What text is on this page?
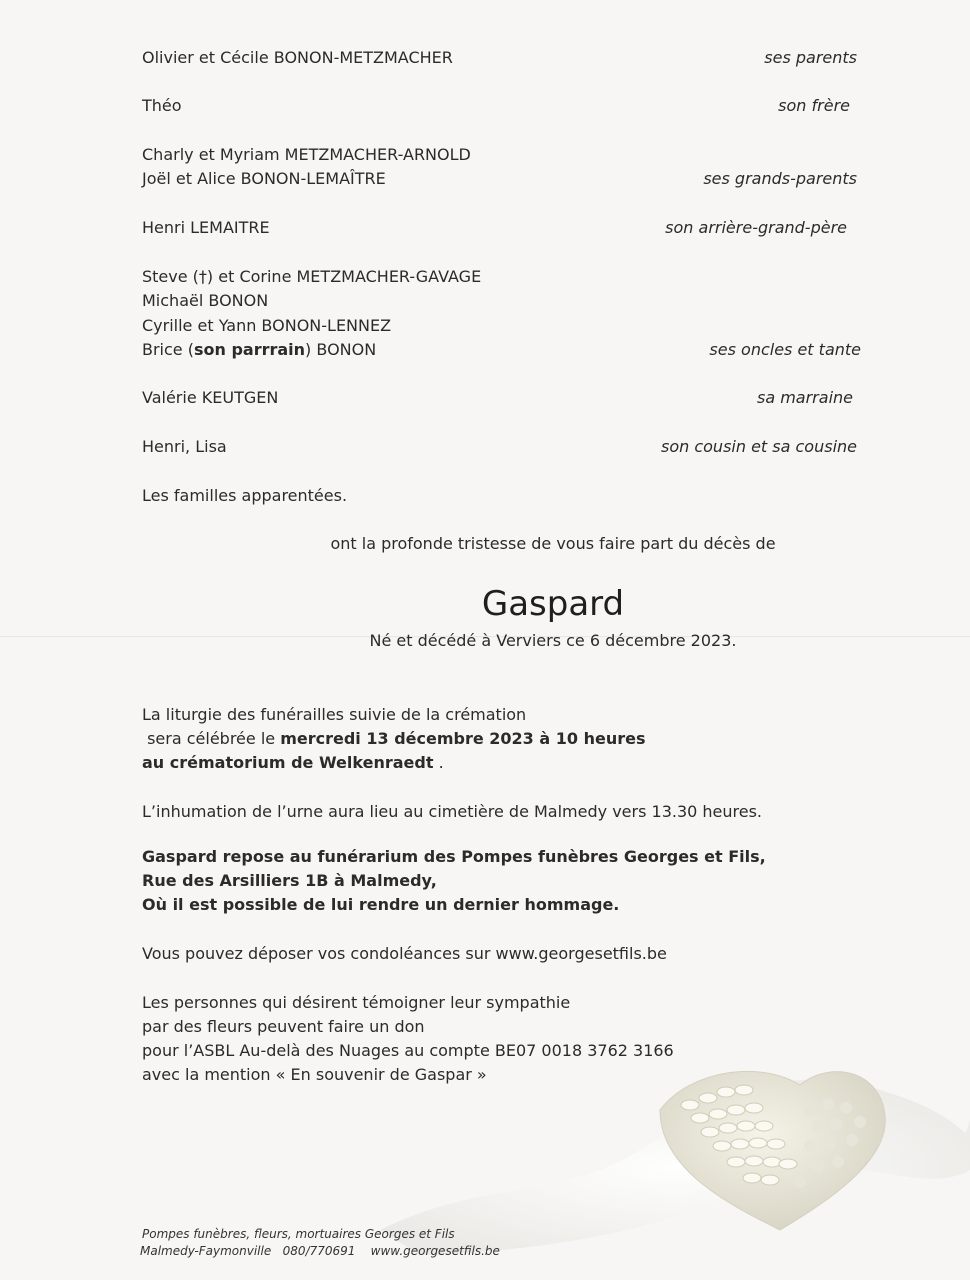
Olivier et Cécile BONON-METZMACHER	ses parents
Théo	son frère
Charly et Myriam METZMACHER-ARNOLD
Joël et Alice BONON-LEMAÎTRE	ses grands-parents
Henri LEMAITRE	son arrière-grand-père
Steve (†) et Corine METZMACHER-GAVAGE
Michaël BONON
Cyrille et Yann BONON-LENNEZ
Brice (son parrrain) BONON	ses oncles et tante
Valérie KEUTGEN	sa marraine
Henri, Lisa	son cousin et sa cousine
Les familles apparentées.
ont la profonde tristesse de vous faire part du décès de
Gaspard
Né et décédé à Verviers ce 6 décembre 2023.
La liturgie des funérailles suivie de la crémation
sera célébrée le mercredi 13 décembre 2023 à 10 heures
au crématorium de Welkenraedt .
L’inhumation de l’urne aura lieu au cimetière de Malmedy vers 13.30 heures.
Gaspard repose au funérarium des Pompes funèbres Georges et Fils,
Rue des Arsilliers 1B à Malmedy,
Où il est possible de lui rendre un dernier hommage.
Vous pouvez déposer vos condoléances sur www.georgesetfils.be
Les personnes qui désirent témoigner leur sympathie
par des fleurs peuvent faire un don
pour l’ASBL Au-delà des Nuages au compte BE07 0018 3762 3166
avec la mention « En souvenir de Gaspar »
Pompes funèbres, fleurs, mortuaires Georges et Fils
Malmedy-Faymonville   080/770691    www.georgesetfils.be
